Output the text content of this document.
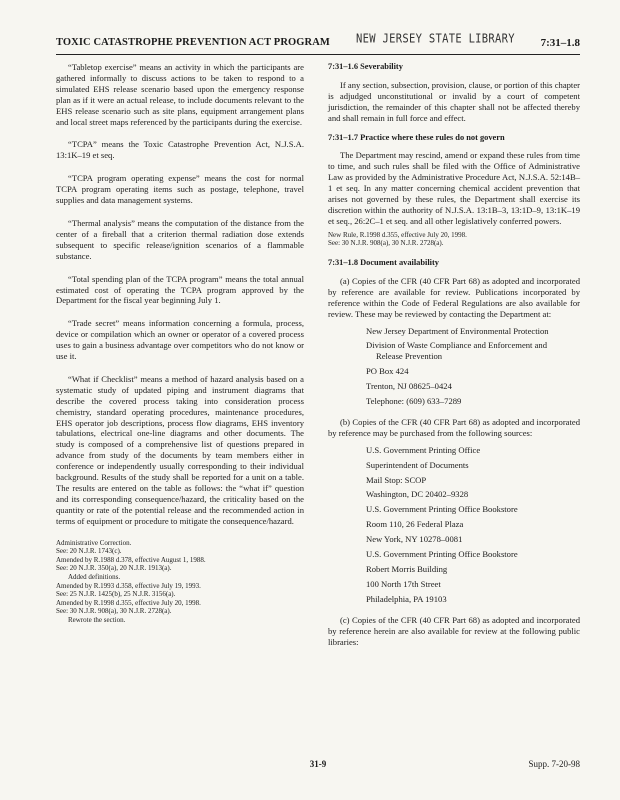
TOXIC CATASTROPHE PREVENTION ACT PROGRAM NEW JERSEY STATE LIBRARY 7:31–1.8

“Tabletop exercise” means an activity in which the participants are gathered informally to discuss actions to be taken to respond to a simulated EHS release scenario based upon the emergency response plan as if it were an actual release, to include documents relevant to the EHS release scenario such as site plans, equipment arrangement plans and local street maps referenced by the participants during the exercise.

“TCPA” means the Toxic Catastrophe Prevention Act, N.J.S.A. 13:1K–19 et seq.

“TCPA program operating expense” means the cost for normal TCPA program operating items such as postage, telephone, travel supplies and data management systems.

“Thermal analysis” means the computation of the distance from the center of a fireball that a criterion thermal radiation dose extends subsequent to specific release/ignition scenarios of a flammable substance.

“Total spending plan of the TCPA program” means the total annual estimated cost of operating the TCPA program approved by the Department for the fiscal year beginning July 1.

“Trade secret” means information concerning a formula, process, device or compilation which an owner or operator of a covered process uses to gain a business advantage over competitors who do not know or use it.

“What if Checklist” means a method of hazard analysis based on a systematic study of updated piping and instrument diagrams that describe the covered process taking into consideration process chemistry, standard operating procedures, maintenance procedures, EHS operator job descriptions, process flow diagrams, EHS inventory tabulations, electrical one-line diagrams and other documents. The study is composed of a comprehensive list of questions prepared in advance from study of the documents by team members either in conference or independently usually corresponding to their individual background. Results of the study shall be reported for a unit on a table. The results are entered on the table as follows: the “what if” question and its corresponding consequence/hazard, the criticality based on the quantity or rate of the potential release and the recommended action in terms of equipment or procedure to mitigate the consequence/hazard.

Administrative Correction.
See: 20 N.J.R. 1743(c).
Amended by R.1988 d.378, effective August 1, 1988.
See: 20 N.J.R. 350(a), 20 N.J.R. 1913(a).
Added definitions.
Amended by R.1993 d.358, effective July 19, 1993.
See: 25 N.J.R. 1425(b), 25 N.J.R. 3156(a).
Amended by R.1998 d.355, effective July 20, 1998.
See: 30 N.J.R. 908(a), 30 N.J.R. 2728(a).
Rewrote the section.
7:31–1.6 Severability

If any section, subsection, provision, clause, or portion of this chapter is adjudged unconstitutional or invalid by a court of competent jurisdiction, the remainder of this chapter shall not be affected thereby and shall remain in full force and effect.

7:31–1.7 Practice where these rules do not govern

The Department may rescind, amend or expand these rules from time to time, and such rules shall be filed with the Office of Administrative Law as provided by the Administrative Procedure Act, N.J.S.A. 52:14B–1 et seq. In any matter concerning chemical accident prevention that arises not governed by these rules, the Department shall exercise its discretion within the authority of N.J.S.A. 13:1B–3, 13:1D–9, 13:1K–19 et seq., 26:2C–1 et seq. and all other legislatively conferred powers.

New Rule, R.1998 d.355, effective July 20, 1998.
See: 30 N.J.R. 908(a), 30 N.J.R. 2728(a).
7:31–1.8 Document availability

(a) Copies of the CFR (40 CFR Part 68) as adopted and incorporated by reference are available for review. Publications incorporated by reference within the Code of Federal Regulations are also available for review. These may be reviewed by contacting the Department at:

New Jersey Department of Environmental Protection
Division of Waste Compliance and Enforcement and Release Prevention
PO Box 424
Trenton, NJ 08625–0424
Telephone: (609) 633–7289

(b) Copies of the CFR (40 CFR Part 68) as adopted and incorporated by reference may be purchased from the following sources:

U.S. Government Printing Office
Superintendent of Documents
Mail Stop: SCOP
Washington, DC 20402–9328
U.S. Government Printing Office Bookstore
Room 110, 26 Federal Plaza
New York, NY 10278–0081
U.S. Government Printing Office Bookstore
Robert Morris Building
100 North 17th Street
Philadelphia, PA 19103

(c) Copies of the CFR (40 CFR Part 68) as adopted and incorporated by reference herein are also available for review at the following public libraries:

31-9	Supp. 7-20-98
